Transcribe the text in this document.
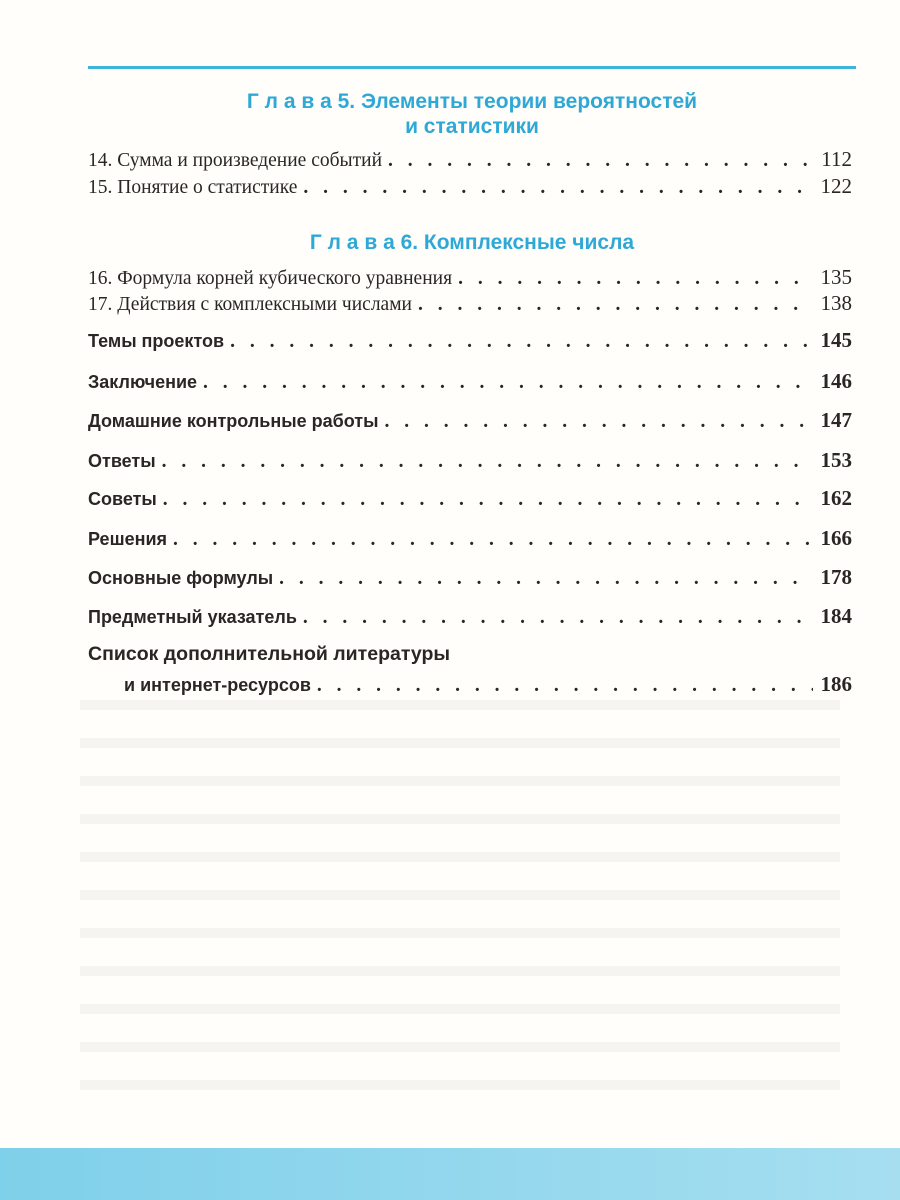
Г л а в а 5. Элементы теории вероятностей
и статистики
14. Сумма и произведение событий . . .	112
15. Понятие о статистике . . .	122
Г л а в а 6. Комплексные числа
16. Формула корней кубического уравнения . . .	135
17. Действия с комплексными числами . . .	138
Темы проектов . . .	145
Заключение . . .	146
Домашние контрольные работы . . .	147
Ответы . . .	153
Советы . . .	162
Решения . . .	166
Основные формулы . . .	178
Предметный указатель . . .	184
Список дополнительной литературы
и интернет-ресурсов . . .	186
